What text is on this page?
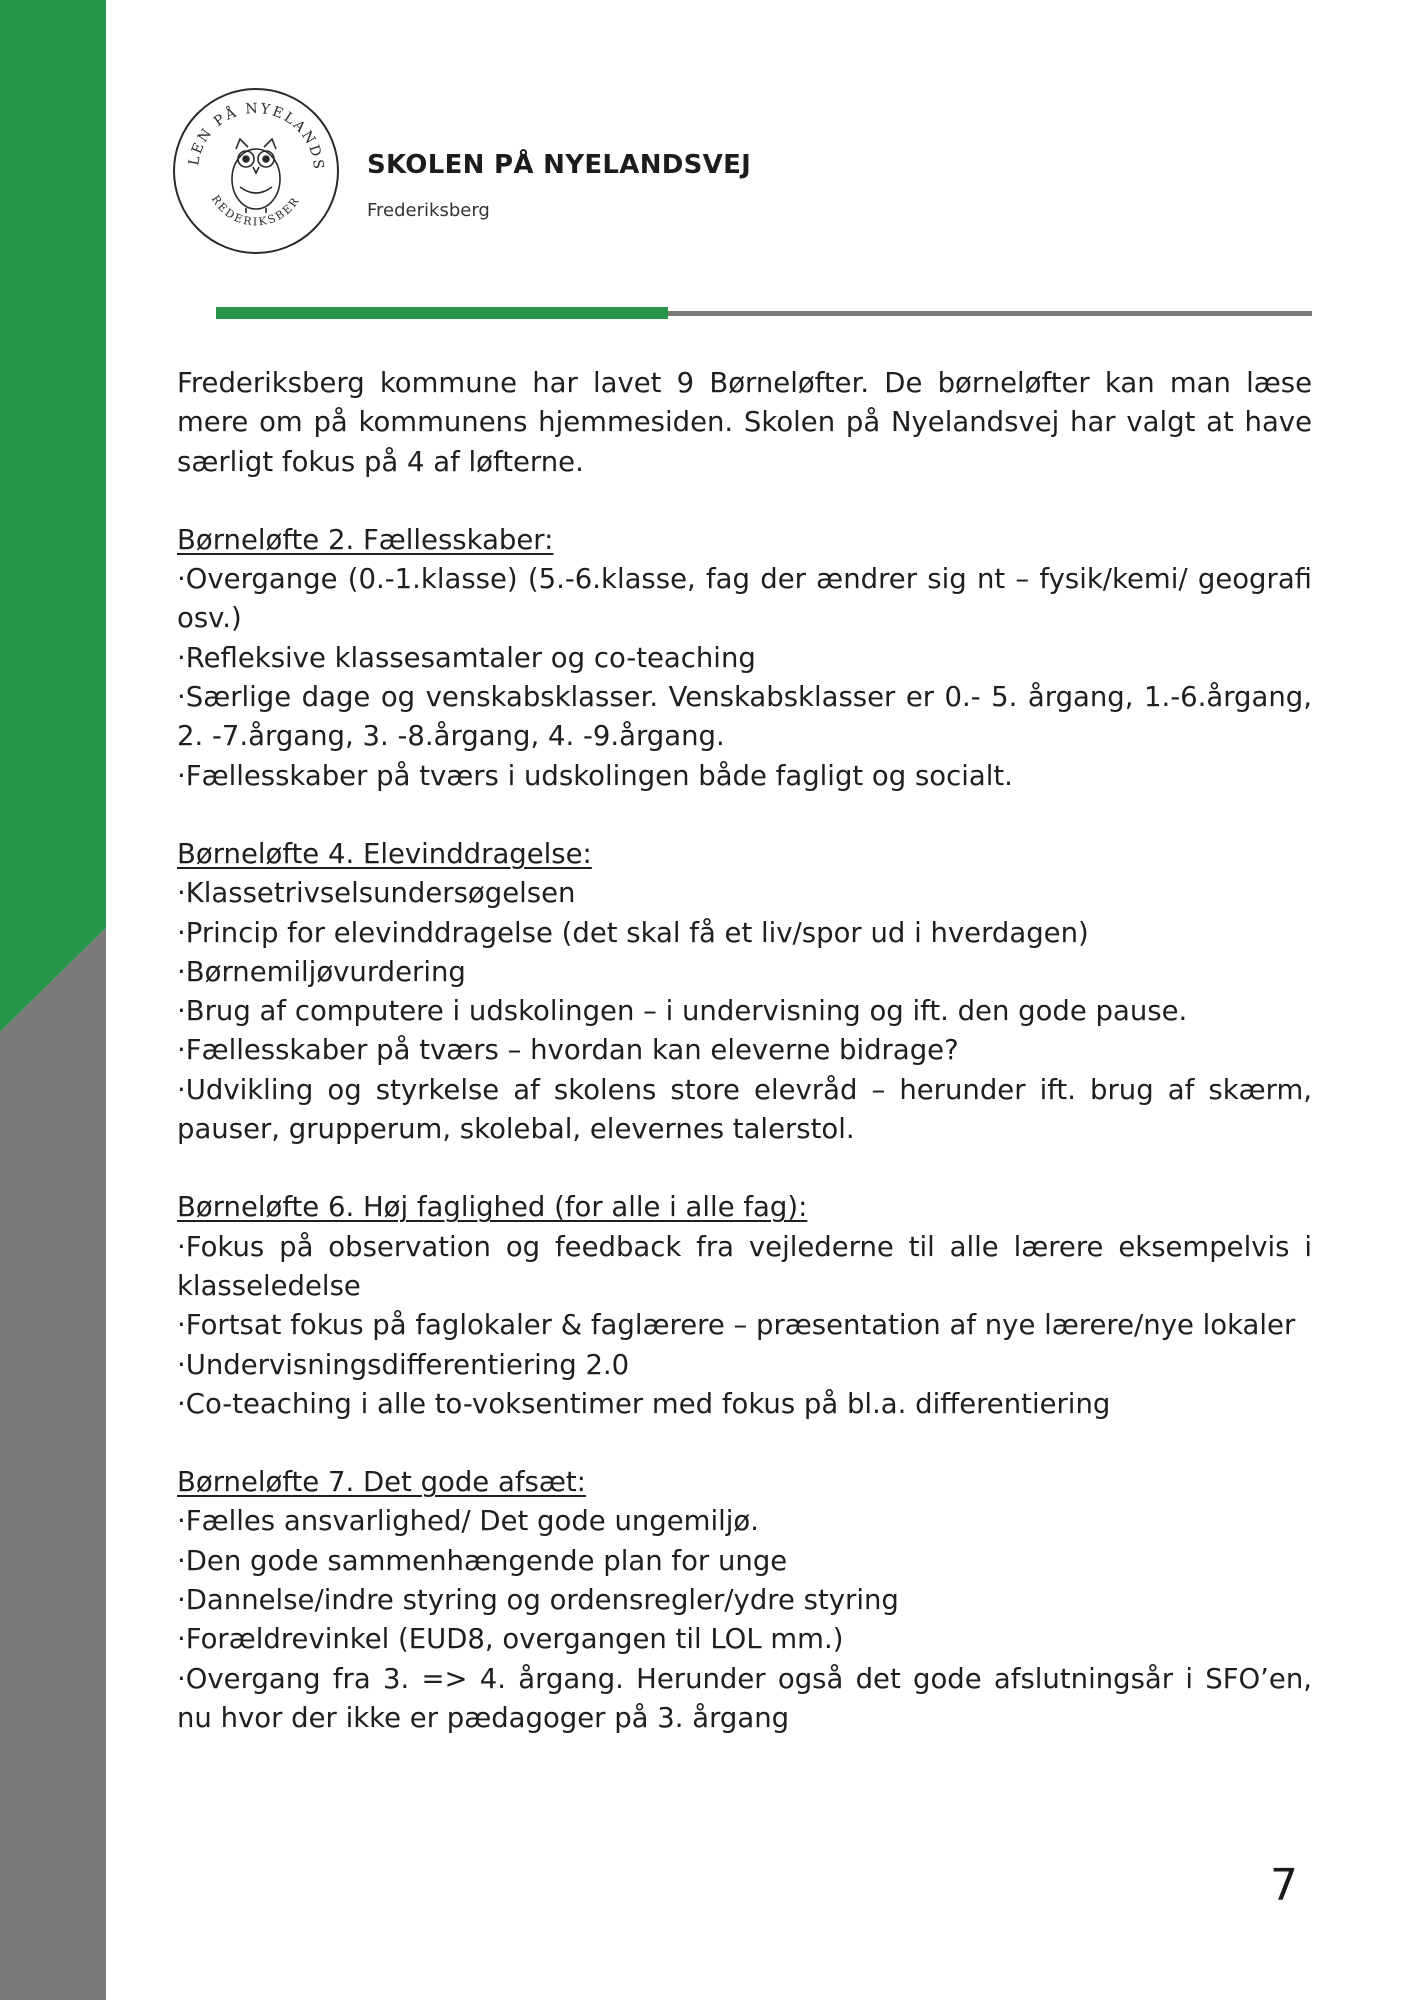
LEN PÅ NYELANDS
REDERIKSBER
SKOLEN PÅ NYELANDSVEJ
Frederiksberg

Frederiksberg kommune har lavet 9 Børneløfter. De børneløfter kan man læse mere om på kommunens hjemmesiden. Skolen på Nyelandsvej har valgt at have særligt fokus på 4 af løfterne.

Børneløfte 2. Fællesskaber:
· Overgange (0.-1.klasse) (5.-6.klasse, fag der ændrer sig nt – fysik/kemi/ geografi osv.)
· Refleksive klassesamtaler og co-teaching
· Særlige dage og venskabsklasser. Venskabsklasser er 0.- 5. årgang, 1.-6.årgang, 2. -7.årgang, 3. -8.årgang, 4. -9.årgang.
· Fællesskaber på tværs i udskolingen både fagligt og socialt.
Børneløfte 4. Elevinddragelse:
· Klassetrivselsundersøgelsen
· Princip for elevinddragelse (det skal få et liv/spor ud i hverdagen)
· Børnemiljøvurdering
· Brug af computere i udskolingen – i undervisning og ift. den gode pause.
· Fællesskaber på tværs – hvordan kan eleverne bidrage?
· Udvikling og styrkelse af skolens store elevråd – herunder ift. brug af skærm, pauser, grupperum, skolebal, elevernes talerstol.
Børneløfte 6. Høj faglighed (for alle i alle fag):
· Fokus på observation og feedback fra vejlederne til alle lærere eksempelvis i klasseledelse
· Fortsat fokus på faglokaler & faglærere – præsentation af nye lærere/nye lokaler
· Undervisningsdifferentiering 2.0
· Co-teaching i alle to-voksentimer med fokus på bl.a. differentiering
Børneløfte 7. Det gode afsæt:
· Fælles ansvarlighed/ Det gode ungemiljø.
· Den gode sammenhængende plan for unge
· Dannelse/indre styring og ordensregler/ydre styring
· Forældrevinkel (EUD8, overgangen til LOL mm.)
· Overgang fra 3. => 4. årgang. Herunder også det gode afslutningsår i SFO’en, nu hvor der ikke er pædagoger på 3. årgang
7
